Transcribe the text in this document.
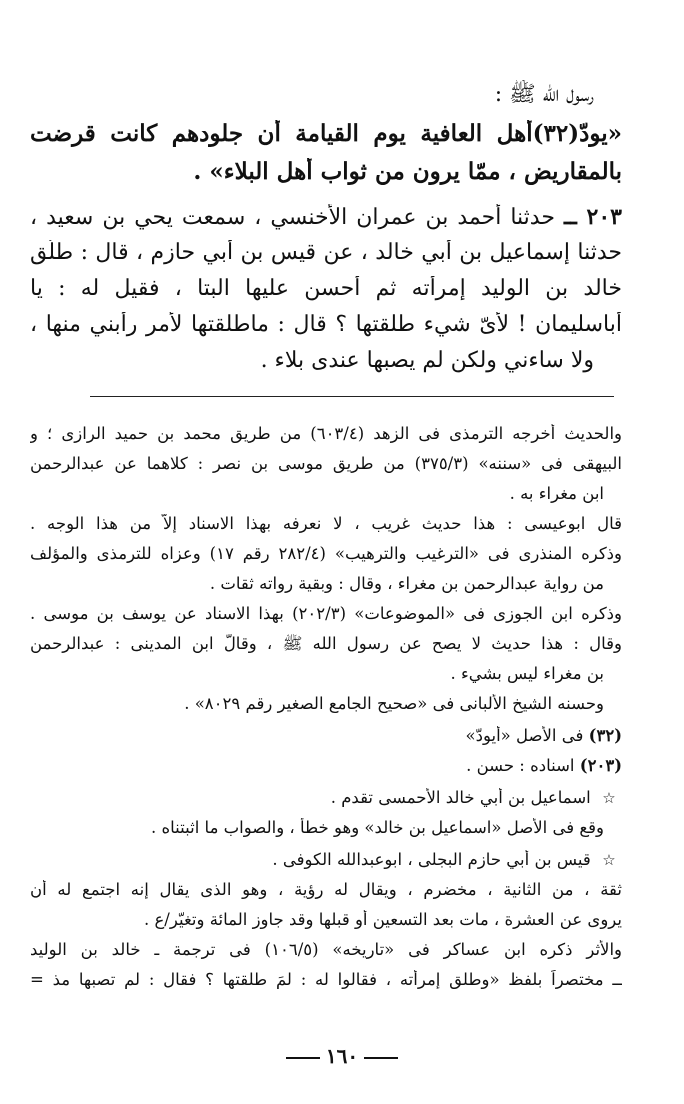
رسول الله ﷺ :
«يودّ(٣٢)أهل العافية يوم القيامة أن جلودهم كانت قرضت
بالمقاريض ، ممّا يرون من ثواب أهل البلاء» .
٢٠٣ ــ حدثنا أحمد بن عمران الأخنسي ، سمعت يحي بن سعيد ،
حدثنا إسماعيل بن أبي خالد ، عن قيس بن أبي حازم ، قال : طلّق
خالد بن الوليد إمرأته ثم أحسن عليها البتا ، فقيل له : يا
أباسليمان ! لأىّ شيء طلقتها ؟ قال : ماطلقتها لأمر رأبني منها ،
ولا ساءني ولكن لم يصبها عندى بلاء .
والحديث أخرجه الترمذى فى الزهد (٦٠٣/٤) من طريق محمد بن حميد الرازى ؛ و
البيهقى فى «سننه» (٣٧٥/٣) من طريق موسى بن نصر : كلاهما عن عبدالرحمن
ابن مغراء به .
قال ابوعيسى : هذا حديث غريب ، لا نعرفه بهذا الاسناد إلاّ من هذا الوجه .
وذكره المنذرى فى «الترغيب والترهيب» (٢٨٢/٤ رقم ١٧) وعزاه للترمذى والمؤلف
من رواية عبدالرحمن بن مغراء ، وقال : وبقية رواته ثقات .
وذكره ابن الجوزى فى «الموضوعات» (٢٠٢/٣) بهذا الاسناد عن يوسف بن موسى .
وقال : هذا حديث لا يصح عن رسول الله ﷺ ، وقالّ ابن المدينى : عبدالرحمن
بن مغراء ليس بشيء .
وحسنه الشيخ الألبانى فى «صحيح الجامع الصغير رقم ٨٠٢٩» .
(٣٢) فى الأصل «أيودّ»
(٢٠٣) اسناده : حسن .
☆ اسماعيل بن أبي خالد الأحمسى تقدم .
وقع فى الأصل «اسماعيل بن خالد» وهو خطأ ، والصواب ما اثبتناه .
☆ قيس بن أبي حازم البجلى ، ابوعبدالله الكوفى .
ثقة ، من الثانية ، مخضرم ، ويقال له رؤية ، وهو الذى يقال إنه اجتمع له أن
يروى عن العشرة ، مات بعد التسعين أو قبلها وقد جاوز المائة وتغيّر/ع .
والأثر ذكره ابن عساكر فى «تاريخه» (١٠٦/٥) فى ترجمة ـ خالد بن الوليد
ــ مختصراً بلفظ «وطلق إمرأته ، فقالوا له : لمَ طلقتها ؟ فقال : لم تصبها مذ =
١٦٠
